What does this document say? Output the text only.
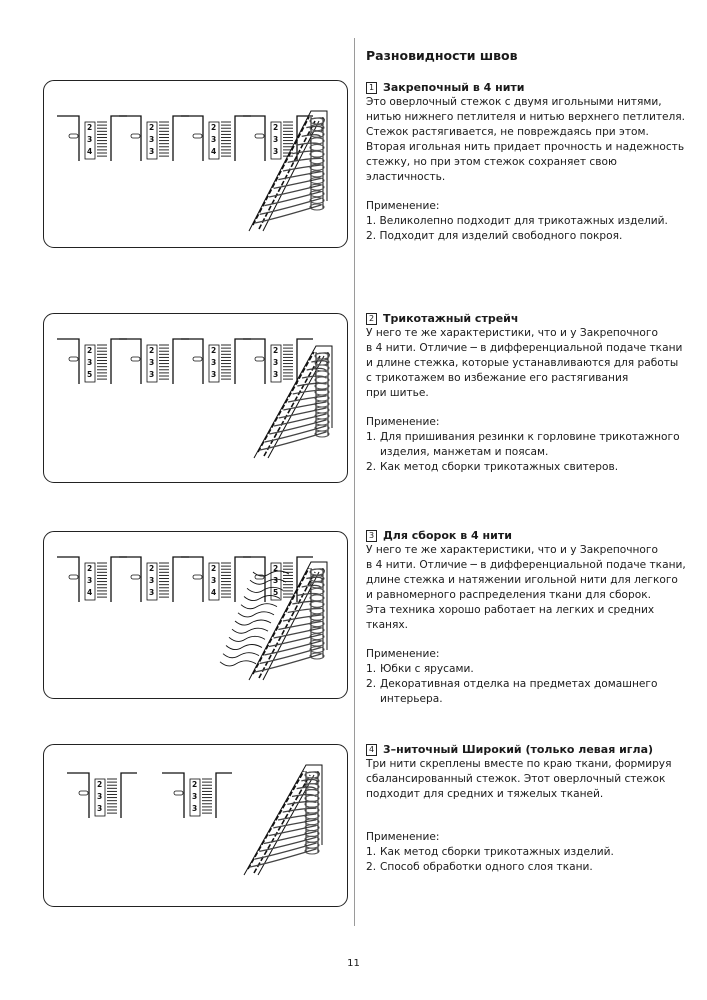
Разновидности швов
2
3
4
2
3
3
2
3
4
2
3
3
2
3
5
2
3
3
2
3
3
2
3
3
2
3
4
2
3
3
2
3
4
2
3
5
2
3
3
2
3
3
1 Закрепочный в 4 нити

Это оверлочный стежок с двумя игольными нитями,

нитью нижнего петлителя и нитью верхнего петлителя.

Стежок растягивается, не повреждаясь при этом.

Вторая игольная нить придает прочность и надежность

стежку, но при этом стежок сохраняет свою

эластичность.

Применение:

1. Великолепно подходит для трикотажных изделий.
2. Подходит для изделий свободного покроя.
2 Трикотажный стрейч

У него те же характеристики, что и у Закрепочного

в 4 нити. Отличие ─ в дифференциальной подаче ткани

и длине стежка, которые устанавливаются для работы

с трикотажем во избежание его растягивания

при шитье.

Применение:

1. Для пришивания резинки к горловине трикотажного изделия, манжетам и поясам.
2. Как метод сборки трикотажных свитеров.
3 Для сборок в 4 нити

У него те же характеристики, что и у Закрепочного

в 4 нити. Отличие ─ в дифференциальной подаче ткани,

длине стежка и натяжении игольной нити для легкого

и равномерного распределения ткани для сборок.

Эта техника хорошо работает на легких и средних

тканях.

Применение:

1. Юбки с ярусами.
2. Декоративная отделка на предметах домашнего интерьера.
4 3–ниточный Широкий (только левая игла)

Три нити скреплены вместе по краю ткани, формируя

сбалансированный стежок. Этот оверлочный стежок

подходит для средних и тяжелых тканей.

Применение:

1. Как метод сборки трикотажных изделий.
2. Способ обработки одного слоя ткани.
11
